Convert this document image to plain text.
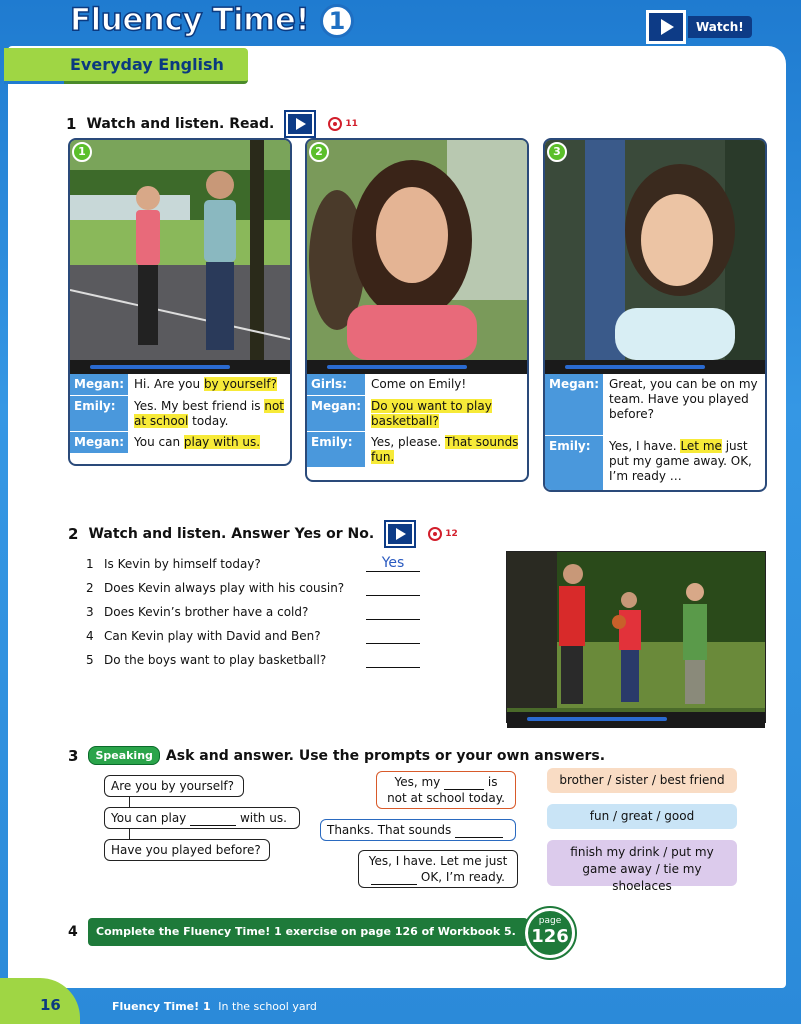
Fluency Time! 1	Watch!
Everyday English
1 Watch and listen. Read.	11
1
Megan: Hi. Are you by yourself?
Emily:	Yes. My best friend is not at school today.
Megan: You can play with us.
2
Girls:	Come on Emily!
Megan: Do you want to play basketball?
Emily:	Yes, please. That sounds fun.
3
Megan: Great, you can be on my team. Have you played before?
Emily:	Yes, I have. Let me just put my game away. OK, I’m ready …
2 Watch and listen. Answer Yes or No.	12
1 Is Kevin by himself today?	Yes
2 Does Kevin always play with his cousin?
3 Does Kevin’s brother have a cold?
4 Can Kevin play with David and Ben?
5 Do the boys want to play basketball?
3	Speaking Ask and answer. Use the prompts or your own answers.
Are you by yourself?
You can play	with us.
Have you played before?
Yes, my	is
not at school today.
Thanks. That sounds
Yes, I have. Let me just
OK, I’m ready.
brother / sister / best friend
fun / great / good
finish my drink / put my game away / tie my shoelaces
4	Complete the Fluency Time! 1 exercise on page 126 of Workbook 5.
page
126
16	Fluency Time! 1 In the school yard
